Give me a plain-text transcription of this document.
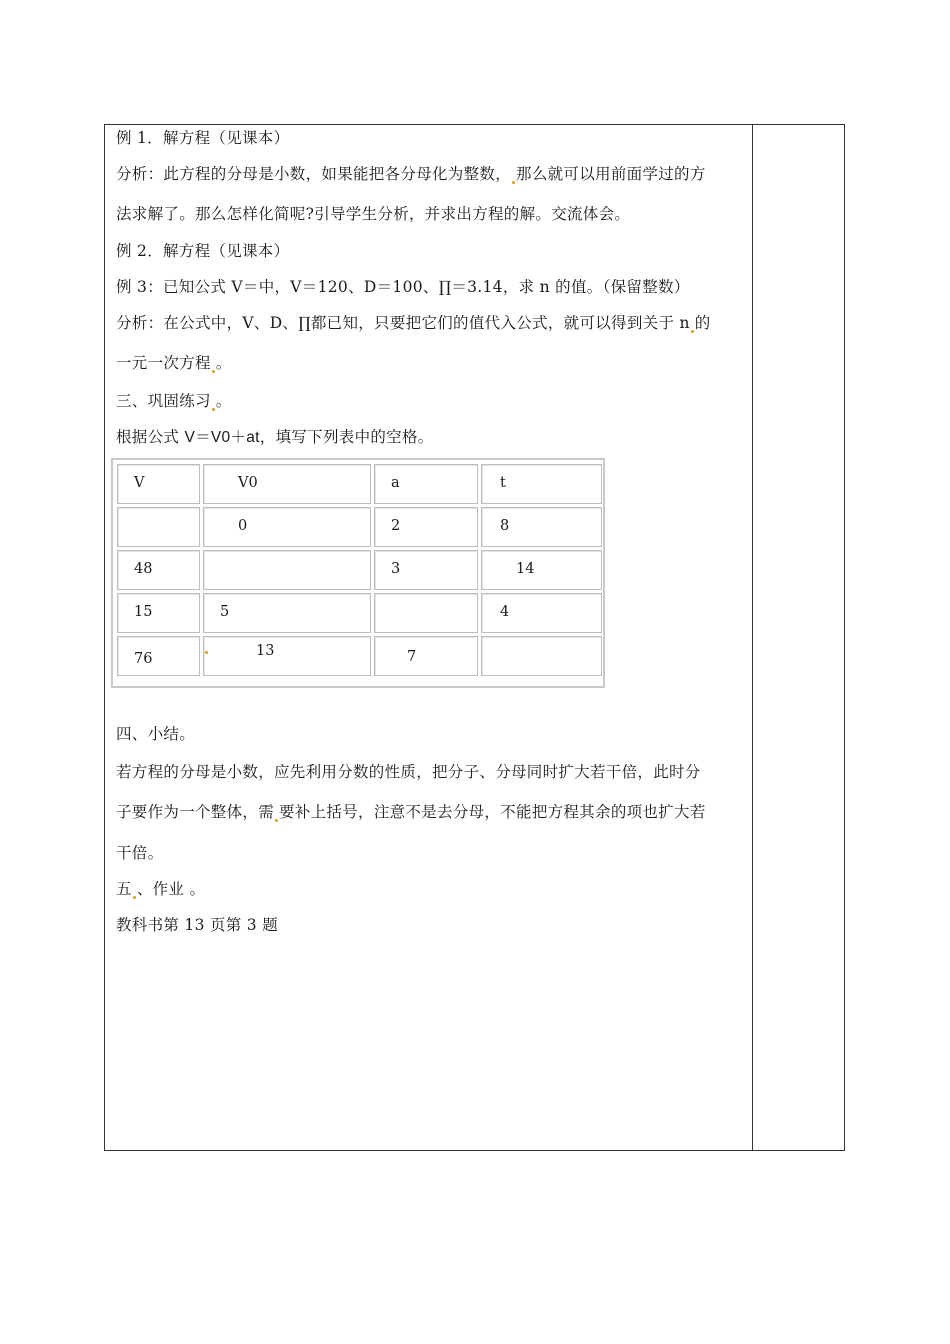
例 1．解方程（见课本）
分析：此方程的分母是小数，如果能把各分母化为整数， 那么就可以用前面学过的方
法求解了。那么怎样化简呢?引导学生分析，并求出方程的解。交流体会。
例 2．解方程（见课本）
例 3：已知公式 V＝中，V＝120、D＝100、∏＝3.14，求 n 的值。（保留整数）
分析：在公式中，V、D、∏都已知，只要把它们的值代入公式，就可以得到关于 n 的
一元一次方程 。
三、巩固练习 。
根据公式 V＝V0＋at，填写下列表中的空格。
V	V0	a	t

	0	2	8

48		3	14

15	5		4

76	13	7	

四、小结。
若方程的分母是小数，应先利用分数的性质，把分子、分母同时扩大若干倍，此时分
子要作为一个整体，需 要补上括号，注意不是去分母，不能把方程其余的项也扩大若
干倍。
五 、作业 。
教科书第 13 页第 3 题
